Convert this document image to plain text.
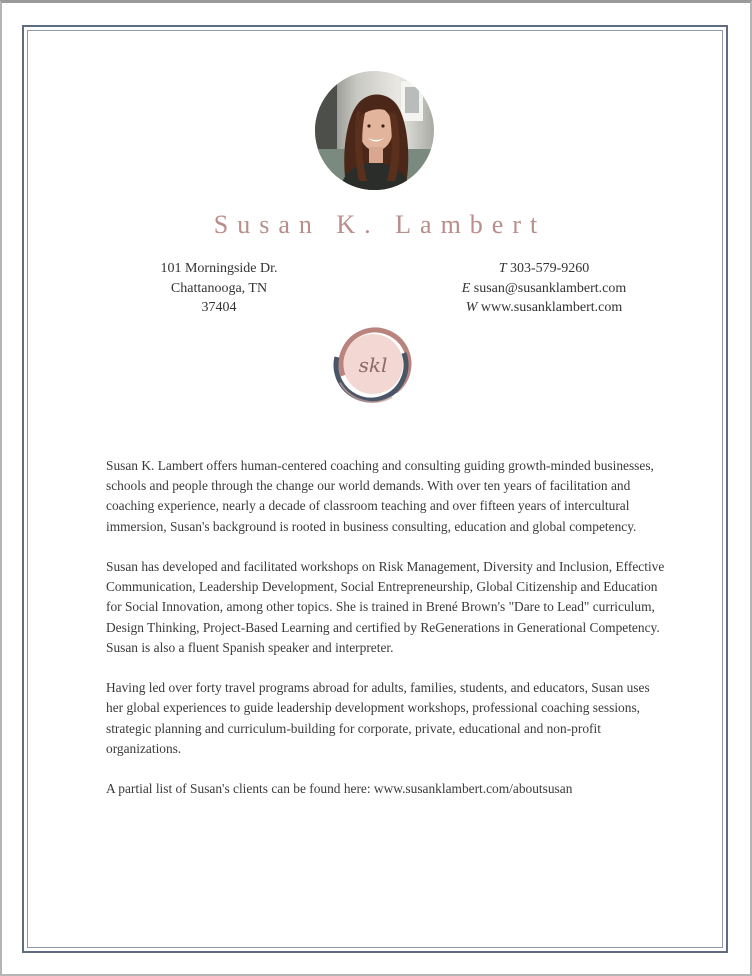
Susan K. Lambert
101 Morningside Dr.
Chattanooga, TN
37404
T 303-579-9260
E susan@susanklambert.com
W www.susanklambert.com
skl

Susan K. Lambert offers human-centered coaching and consulting guiding growth-minded businesses, schools and people through the change our world demands. With over ten years of facilitation and coaching experience, nearly a decade of classroom teaching and over fifteen years of intercultural immersion, Susan's background is rooted in business consulting, education and global competency.

Susan has developed and facilitated workshops on Risk Management, Diversity and Inclusion, Effective Communication, Leadership Development, Social Entrepreneurship, Global Citizenship and Education for Social Innovation, among other topics. She is trained in Brené Brown's "Dare to Lead" curriculum, Design Thinking, Project-Based Learning and certified by ReGenerations in Generational Competency. Susan is also a fluent Spanish speaker and interpreter.

Having led over forty travel programs abroad for adults, families, students, and educators, Susan uses her global experiences to guide leadership development workshops, professional coaching sessions, strategic planning and curriculum-building for corporate, private, educational and non-profit organizations.

A partial list of Susan's clients can be found here: www.susanklambert.com/aboutsusan
